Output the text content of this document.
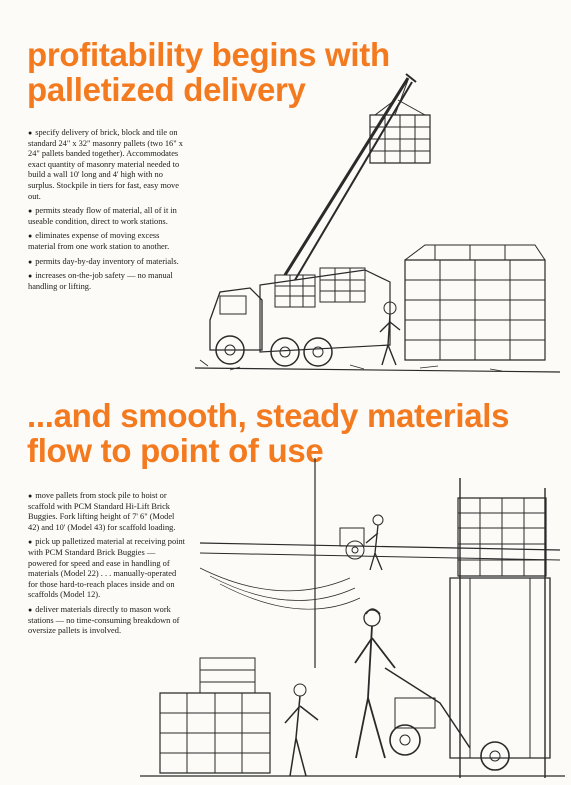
profitability begins with
palletized delivery
● specify delivery of brick, block and tile on standard 24" x 32" masonry pallets (two 16" x 24" pallets banded together). Accommodates exact quantity of masonry material needed to build a wall 10' long and 4' high with no surplus. Stockpile in tiers for fast, easy move out.
● permits steady flow of material, all of it in useable condition, direct to work stations.
● eliminates expense of moving excess material from one work station to another.
● permits day-by-day inventory of materials.
● increases on-the-job safety — no manual handling or lifting.
...and smooth, steady materials
flow to point of use
● move pallets from stock pile to hoist or scaffold with PCM Standard Hi-Lift Brick Buggies. Fork lifting height of 7' 6" (Model 42) and 10' (Model 43) for scaffold loading.
● pick up palletized material at receiving point with PCM Standard Brick Buggies — powered for speed and ease in handling of materials (Model 22) . . . manually-operated for those hard-to-reach places inside and on scaffolds (Model 12).
● deliver materials directly to mason work stations — no time-consuming breakdown of oversize pallets is involved.
